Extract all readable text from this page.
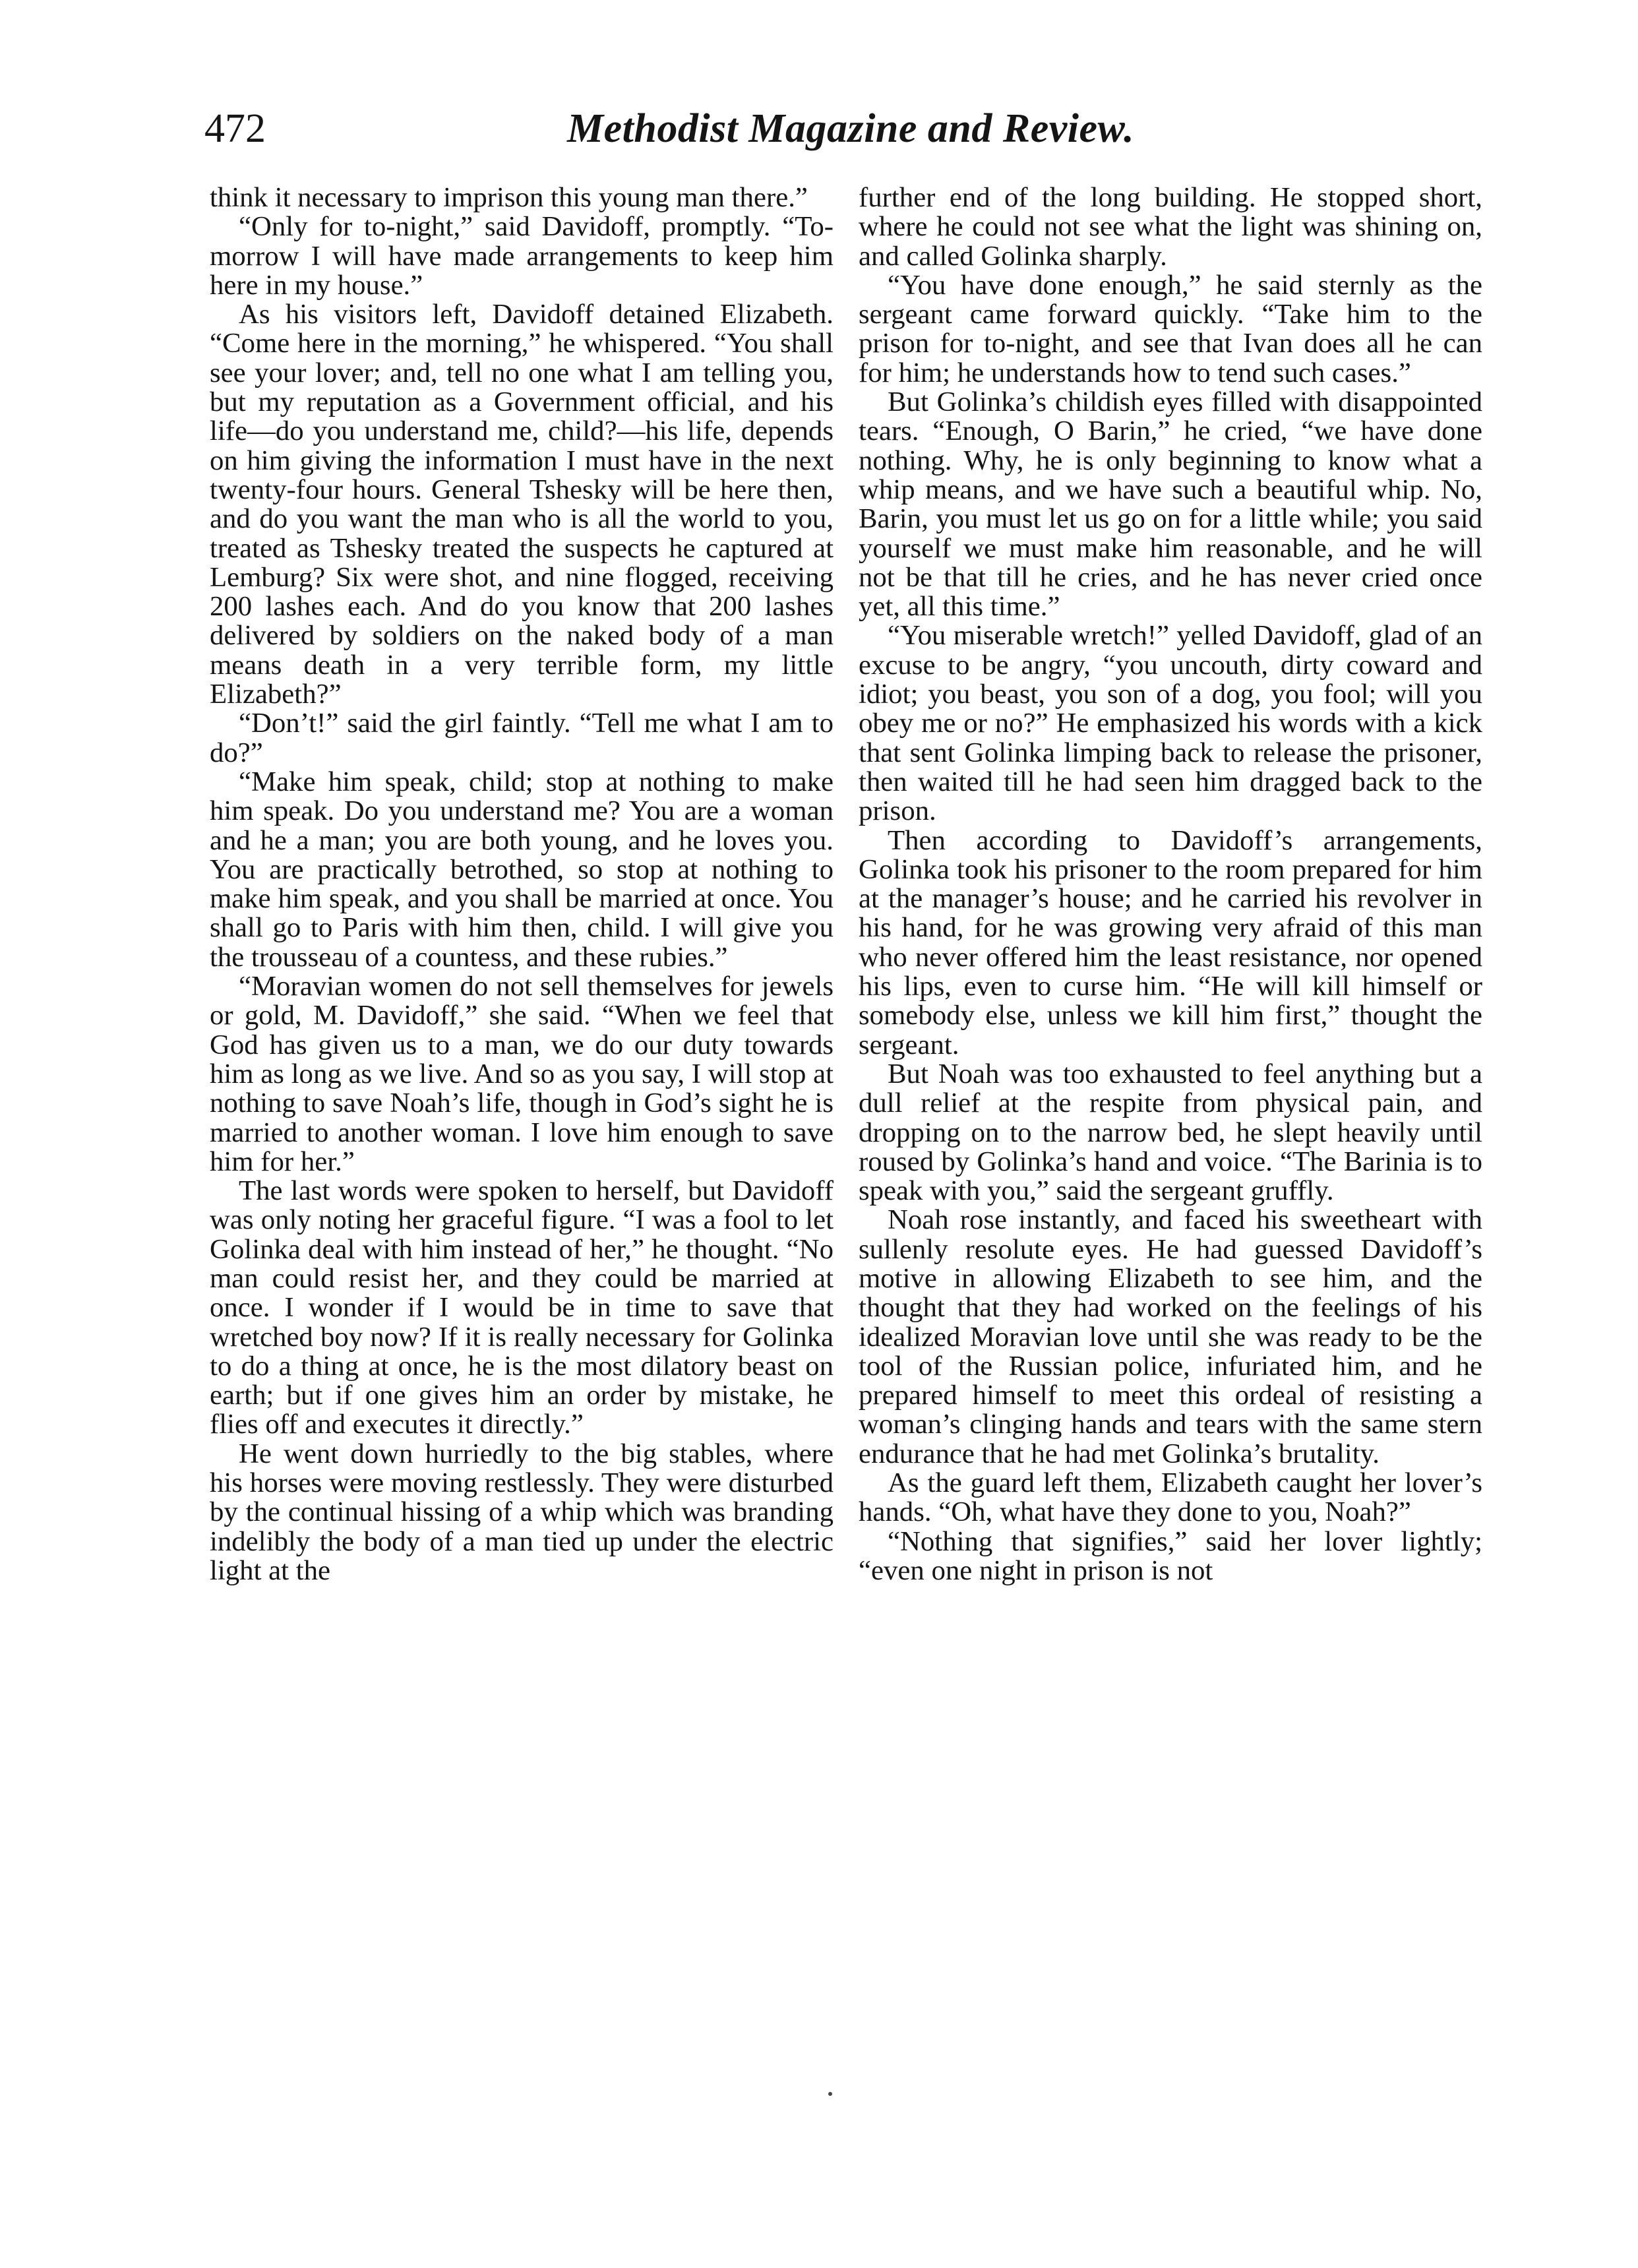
472	Methodist Magazine and Review.

think it necessary to imprison this young man there.”

“Only for to-night,” said Davidoff, promptly. “To-morrow I will have made arrangements to keep him here in my house.”

As his visitors left, Davidoff detained Elizabeth. “Come here in the morning,” he whispered. “You shall see your lover; and, tell no one what I am telling you, but my reputation as a Government official, and his life—do you understand me, child?—his life, depends on him giving the information I must have in the next twenty-four hours. General Tshesky will be here then, and do you want the man who is all the world to you, treated as Tshesky treated the suspects he captured at Lemburg? Six were shot, and nine flogged, receiving 200 lashes each. And do you know that 200 lashes delivered by soldiers on the naked body of a man means death in a very terrible form, my little Elizabeth?”

“Don’t!” said the girl faintly. “Tell me what I am to do?”

“Make him speak, child; stop at nothing to make him speak. Do you understand me? You are a woman and he a man; you are both young, and he loves you. You are practically betrothed, so stop at nothing to make him speak, and you shall be married at once. You shall go to Paris with him then, child. I will give you the trousseau of a countess, and these rubies.”

“Moravian women do not sell themselves for jewels or gold, M. Davidoff,” she said. “When we feel that God has given us to a man, we do our duty towards him as long as we live. And so as you say, I will stop at nothing to save Noah’s life, though in God’s sight he is married to another woman. I love him enough to save him for her.”

The last words were spoken to herself, but Davidoff was only noting her graceful figure. “I was a fool to let Golinka deal with him instead of her,” he thought. “No man could resist her, and they could be married at once. I wonder if I would be in time to save that wretched boy now? If it is really necessary for Golinka to do a thing at once, he is the most dilatory beast on earth; but if one gives him an order by mistake, he flies off and executes it directly.”

He went down hurriedly to the big stables, where his horses were moving restlessly. They were disturbed by the continual hissing of a whip which was branding indelibly the body of a man tied up under the electric light at the

further end of the long building. He stopped short, where he could not see what the light was shining on, and called Golinka sharply.

“You have done enough,” he said sternly as the sergeant came forward quickly. “Take him to the prison for to-night, and see that Ivan does all he can for him; he understands how to tend such cases.”

But Golinka’s childish eyes filled with disappointed tears. “Enough, O Barin,” he cried, “we have done nothing. Why, he is only beginning to know what a whip means, and we have such a beautiful whip. No, Barin, you must let us go on for a little while; you said yourself we must make him reasonable, and he will not be that till he cries, and he has never cried once yet, all this time.”

“You miserable wretch!” yelled Davidoff, glad of an excuse to be angry, “you uncouth, dirty coward and idiot; you beast, you son of a dog, you fool; will you obey me or no?” He emphasized his words with a kick that sent Golinka limping back to release the prisoner, then waited till he had seen him dragged back to the prison.

Then according to Davidoff’s arrangements, Golinka took his prisoner to the room prepared for him at the manager’s house; and he carried his revolver in his hand, for he was growing very afraid of this man who never offered him the least resistance, nor opened his lips, even to curse him. “He will kill himself or somebody else, unless we kill him first,” thought the sergeant.

But Noah was too exhausted to feel anything but a dull relief at the respite from physical pain, and dropping on to the narrow bed, he slept heavily until roused by Golinka’s hand and voice. “The Barinia is to speak with you,” said the sergeant gruffly.

Noah rose instantly, and faced his sweetheart with sullenly resolute eyes. He had guessed Davidoff’s motive in allowing Elizabeth to see him, and the thought that they had worked on the feelings of his idealized Moravian love until she was ready to be the tool of the Russian police, infuriated him, and he prepared himself to meet this ordeal of resisting a woman’s clinging hands and tears with the same stern endurance that he had met Golinka’s brutality.

As the guard left them, Elizabeth caught her lover’s hands. “Oh, what have they done to you, Noah?”

“Nothing that signifies,” said her lover lightly; “even one night in prison is not
